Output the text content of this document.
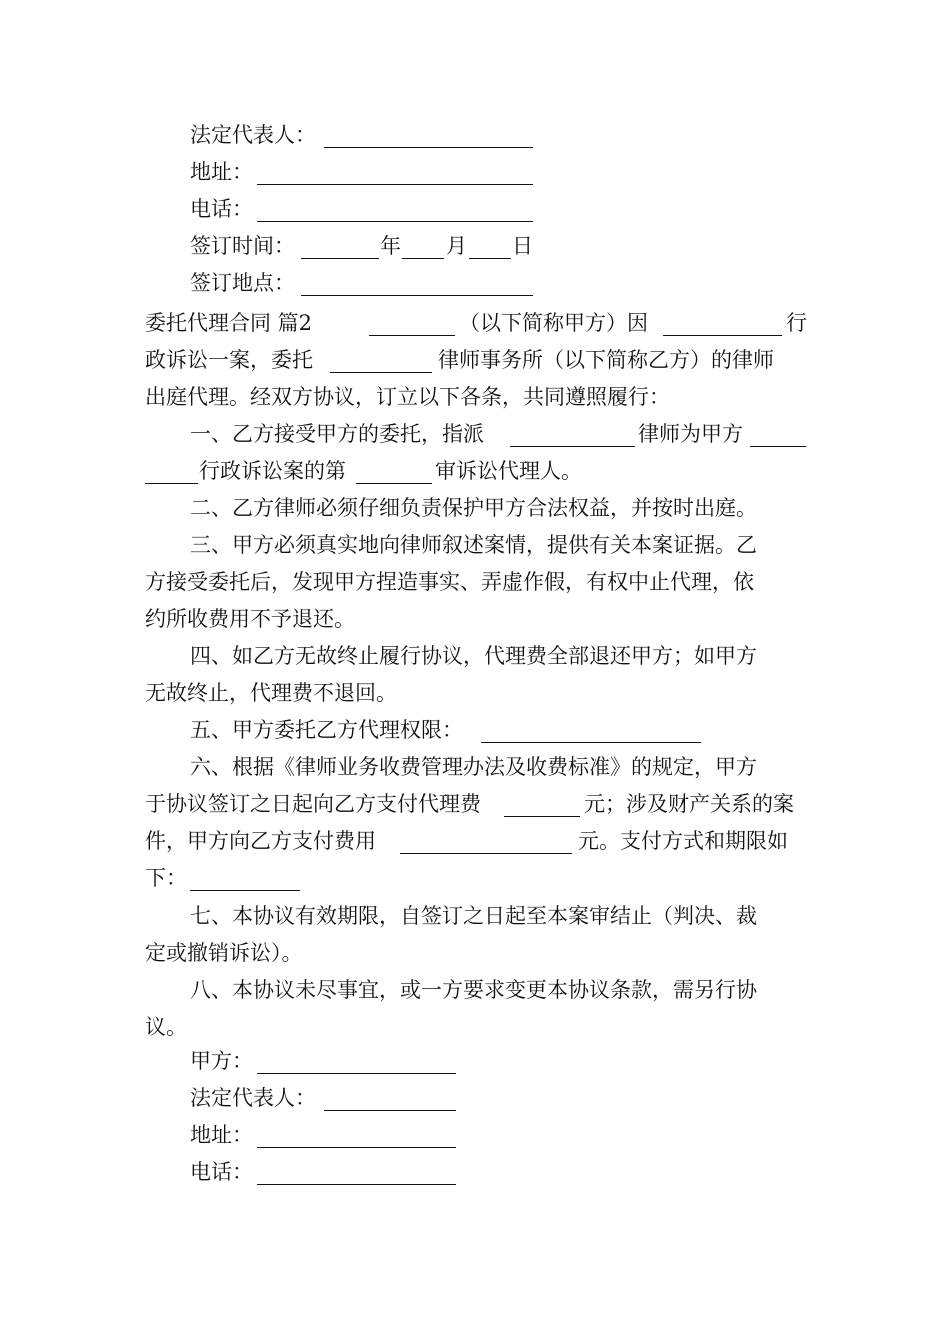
法定代表人：
地址：
电话：
签订时间：	年 月 日
签订地点：
委托代理合同 篇2	（以下简称甲方）因	行
政诉讼一案，委托	律师事务所（以下简称乙方）的律师
出庭代理。经双方协议，订立以下各条，共同遵照履行：
一、乙方接受甲方的委托，指派	律师为甲方
行政诉讼案的第	审诉讼代理人。
二、乙方律师必须仔细负责保护甲方合法权益，并按时出庭。
三、甲方必须真实地向律师叙述案情，提供有关本案证据。乙
方接受委托后，发现甲方捏造事实、弄虚作假，有权中止代理，依
约所收费用不予退还。
四、如乙方无故终止履行协议，代理费全部退还甲方；如甲方
无故终止，代理费不退回。
五、甲方委托乙方代理权限：
六、根据《律师业务收费管理办法及收费标准》的规定，甲方
于协议签订之日起向乙方支付代理费	元；涉及财产关系的案
件，甲方向乙方支付费用	元。支付方式和期限如
下：
七、本协议有效期限，自签订之日起至本案审结止（判决、裁
定或撤销诉讼）。
八、本协议未尽事宜，或一方要求变更本协议条款，需另行协
议。
甲方：
法定代表人：
地址：
电话：
